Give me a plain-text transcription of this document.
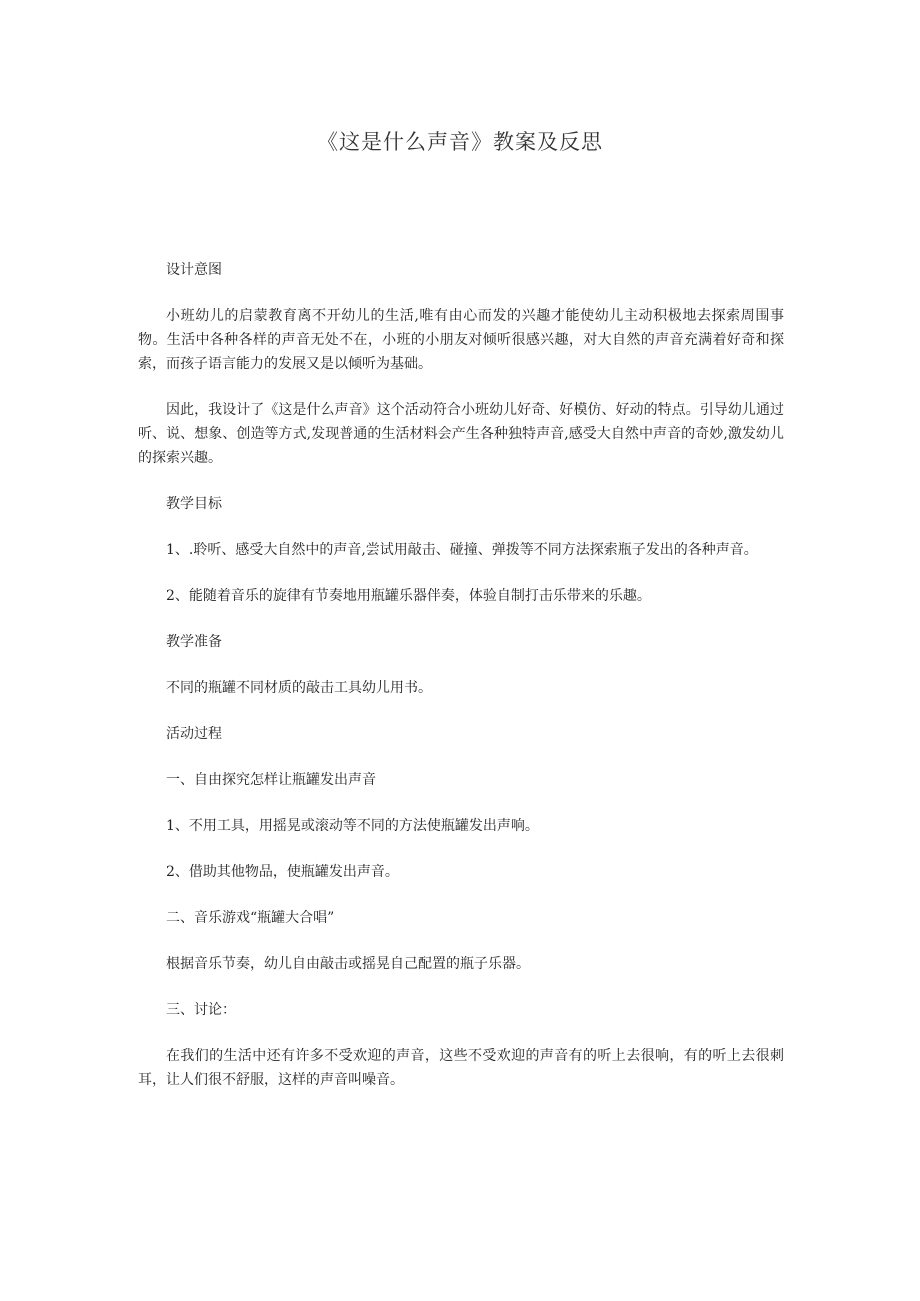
《这是什么声音》教案及反思

设计意图

小班幼儿的启蒙教育离不开幼儿的生活,唯有由心而发的兴趣才能使幼儿主动积极地去探索周围事物。生活中各种各样的声音无处不在，小班的小朋友对倾听很感兴趣，对大自然的声音充满着好奇和探索，而孩子语言能力的发展又是以倾听为基础。

因此，我设计了《这是什么声音》这个活动符合小班幼儿好奇、好模仿、好动的特点。引导幼儿通过听、说、想象、创造等方式,发现普通的生活材料会产生各种独特声音,感受大自然中声音的奇妙,激发幼儿的探索兴趣。

教学目标

1、.聆听、感受大自然中的声音,尝试用敲击、碰撞、弹拨等不同方法探索瓶子发出的各种声音。

2、能随着音乐的旋律有节奏地用瓶罐乐器伴奏，体验自制打击乐带来的乐趣。

教学准备

不同的瓶罐不同材质的敲击工具幼儿用书。

活动过程

一、自由探究怎样让瓶罐发出声音

1、不用工具，用摇晃或滚动等不同的方法使瓶罐发出声响。

2、借助其他物品，使瓶罐发出声音。

二、音乐游戏“瓶罐大合唱”

根据音乐节奏，幼儿自由敲击或摇晃自己配置的瓶子乐器。

三、讨论：

在我们的生活中还有许多不受欢迎的声音，这些不受欢迎的声音有的听上去很响，有的听上去很刺耳，让人们很不舒服，这样的声音叫噪音。
